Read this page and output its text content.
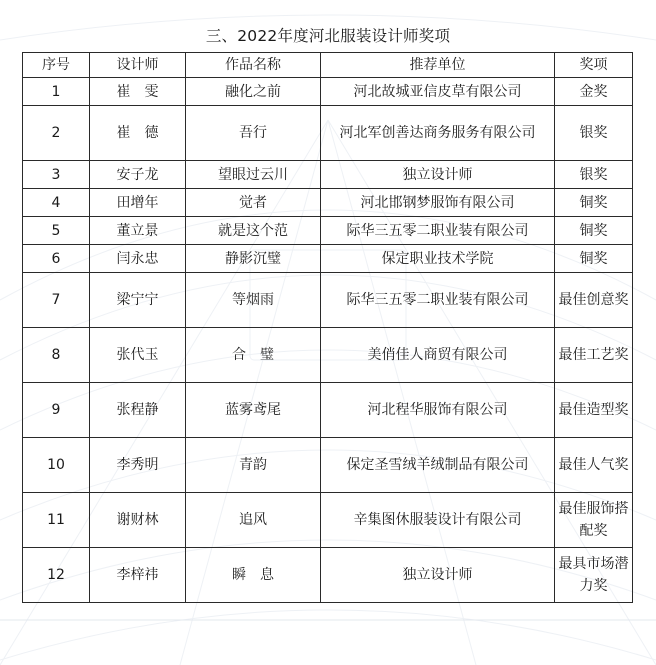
三、2022年度河北服装设计师奖项
序号	设计师	作品名称	推荐单位	奖项
1	崔　雯	融化之前	河北故城亚信皮草有限公司	金奖
2	崔　德	吾行	河北军创善达商务服务有限公司	银奖
3	安子龙	望眼过云川	独立设计师	银奖
4	田增年	觉者	河北邯钢梦服饰有限公司	铜奖
5	董立景	就是这个范	际华三五零二职业装有限公司	铜奖
6	闫永忠	静影沉璧	保定职业技术学院	铜奖
7	梁宁宁	等烟雨	际华三五零二职业装有限公司	最佳创意奖
8	张代玉	合　璧	美俏佳人商贸有限公司	最佳工艺奖
9	张程静	蓝雾鸢尾	河北程华服饰有限公司	最佳造型奖
10	李秀明	青韵	保定圣雪绒羊绒制品有限公司	最佳人气奖
11	谢财林	追风	辛集图休服装设计有限公司	最佳服饰搭配奖
12	李梓祎	瞬　息	独立设计师	最具市场潜力奖
